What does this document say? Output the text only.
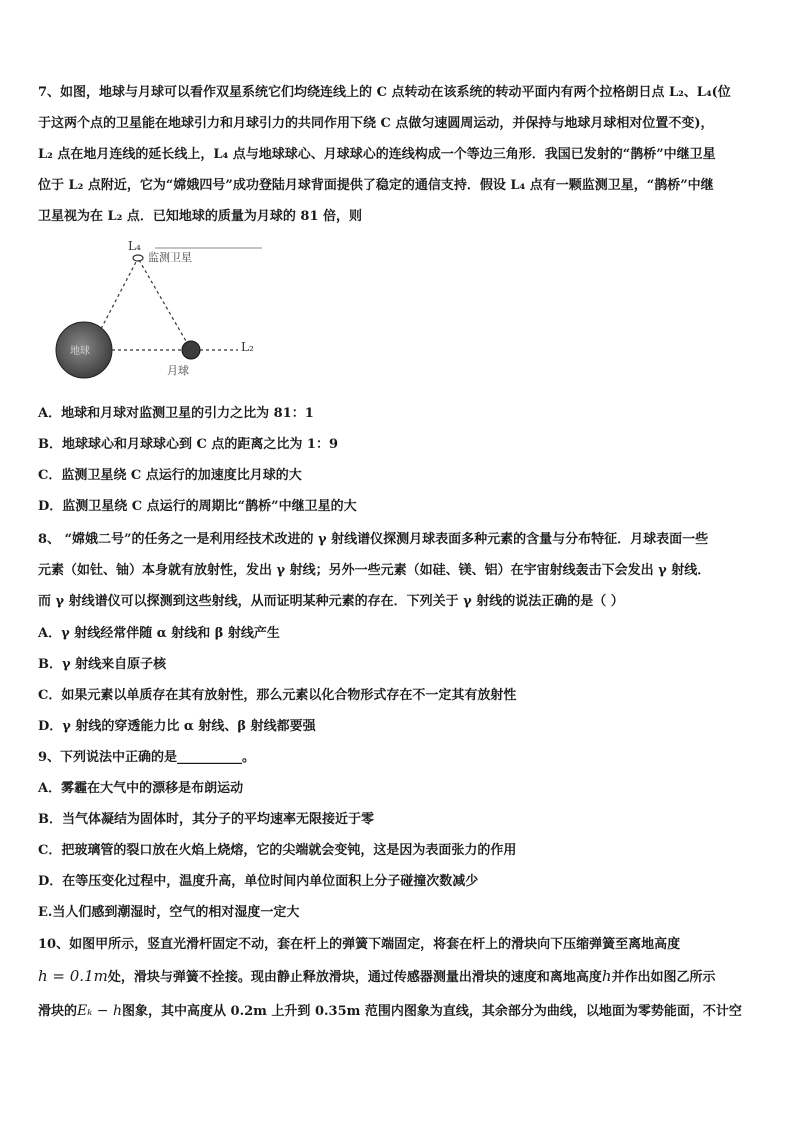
7、如图，地球与月球可以看作双星系统它们均绕连线上的 C 点转动在该系统的转动平面内有两个拉格朗日点 L₂、L₄(位
于这两个点的卫星能在地球引力和月球引力的共同作用下绕 C 点做匀速圆周运动，并保持与地球月球相对位置不变)，
L₂ 点在地月连线的延长线上，L₄ 点与地球球心、月球球心的连线构成一个等边三角形．我国已发射的“鹊桥”中继卫星
位于 L₂ 点附近，它为“嫦娥四号”成功登陆月球背面提供了稳定的通信支持．假设 L₄ 点有一颗监测卫星，“鹊桥”中继
卫星视为在 L₂ 点．已知地球的质量为月球的 81 倍，则
L₄
监测卫星
地球
月球
L₂
A．地球和月球对监测卫星的引力之比为 81：1
B．地球球心和月球球心到 C 点的距离之比为 1：9
C．监测卫星绕 C 点运行的加速度比月球的大
D．监测卫星绕 C 点运行的周期比“鹊桥”中继卫星的大
8、 “嫦娥二号”的任务之一是利用经技术改进的 γ 射线谱仪探测月球表面多种元素的含量与分布特征．月球表面一些
元素（如钍、铀）本身就有放射性，发出 γ 射线；另外一些元素（如硅、镁、铝）在宇宙射线轰击下会发出 γ 射线．
而 γ 射线谱仪可以探测到这些射线，从而证明某种元素的存在．下列关于 γ 射线的说法正确的是（ ）
A．γ 射线经常伴随 α 射线和 β 射线产生
B．γ 射线来自原子核
C．如果元素以单质存在其有放射性，那么元素以化合物形式存在不一定其有放射性
D．γ 射线的穿透能力比 α 射线、β 射线都要强
9、下列说法中正确的是__________。
A．雾霾在大气中的漂移是布朗运动
B．当气体凝结为固体时，其分子的平均速率无限接近于零
C．把玻璃管的裂口放在火焰上烧熔，它的尖端就会变钝，这是因为表面张力的作用
D．在等压变化过程中，温度升高，单位时间内单位面积上分子碰撞次数减少
E.当人们感到潮湿时，空气的相对湿度一定大
10、如图甲所示，竖直光滑杆固定不动，套在杆上的弹簧下端固定，将套在杆上的滑块向下压缩弹簧至离地高度
h = 0.1m处，滑块与弹簧不拴接。现由静止释放滑块，通过传感器测量出滑块的速度和离地高度h并作出如图乙所示
滑块的Eₖ − h图象，其中高度从 0.2m 上升到 0.35m 范围内图象为直线，其余部分为曲线，以地面为零势能面，不计空
